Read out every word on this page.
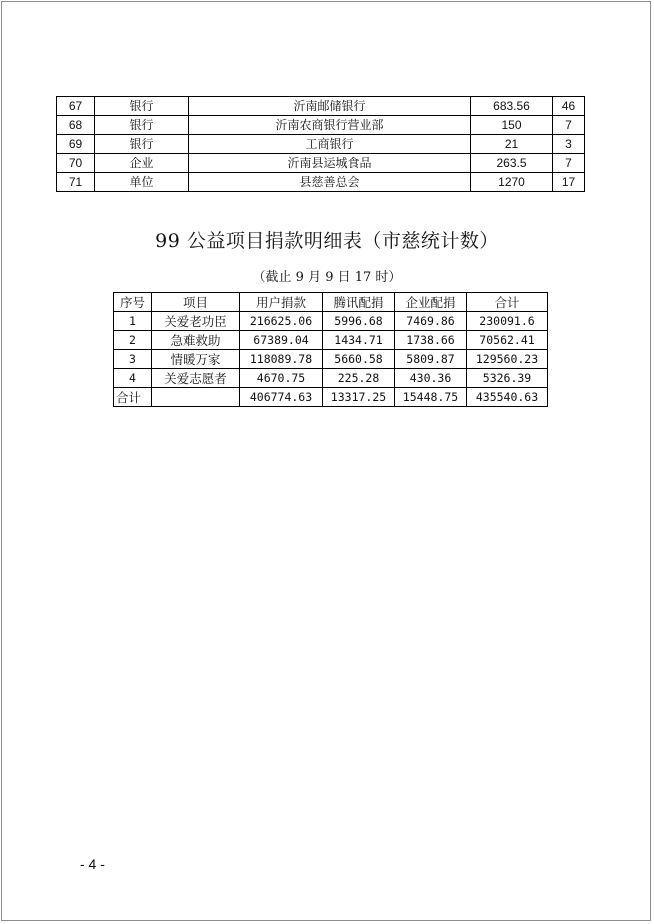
67	银行	沂南邮储银行	683.56	46
68	银行	沂南农商银行营业部	150	7
69	银行	工商银行	21	3
70	企业	沂南县运城食品	263.5	7
71	单位	县慈善总会	1270	17
99 公益项目捐款明细表（市慈统计数）
（截止 9 月 9 日 17 时）
序号	项目	用户捐款	腾讯配捐	企业配捐	合计
1	关爱老功臣	216625.06	5996.68	7469.86	230091.6
2	急难救助	67389.04	1434.71	1738.66	70562.41
3	情暖万家	118089.78	5660.58	5809.87	129560.23
4	关爱志愿者	4670.75	225.28	430.36	5326.39
合计		406774.63	13317.25	15448.75	435540.63
- 4 -
